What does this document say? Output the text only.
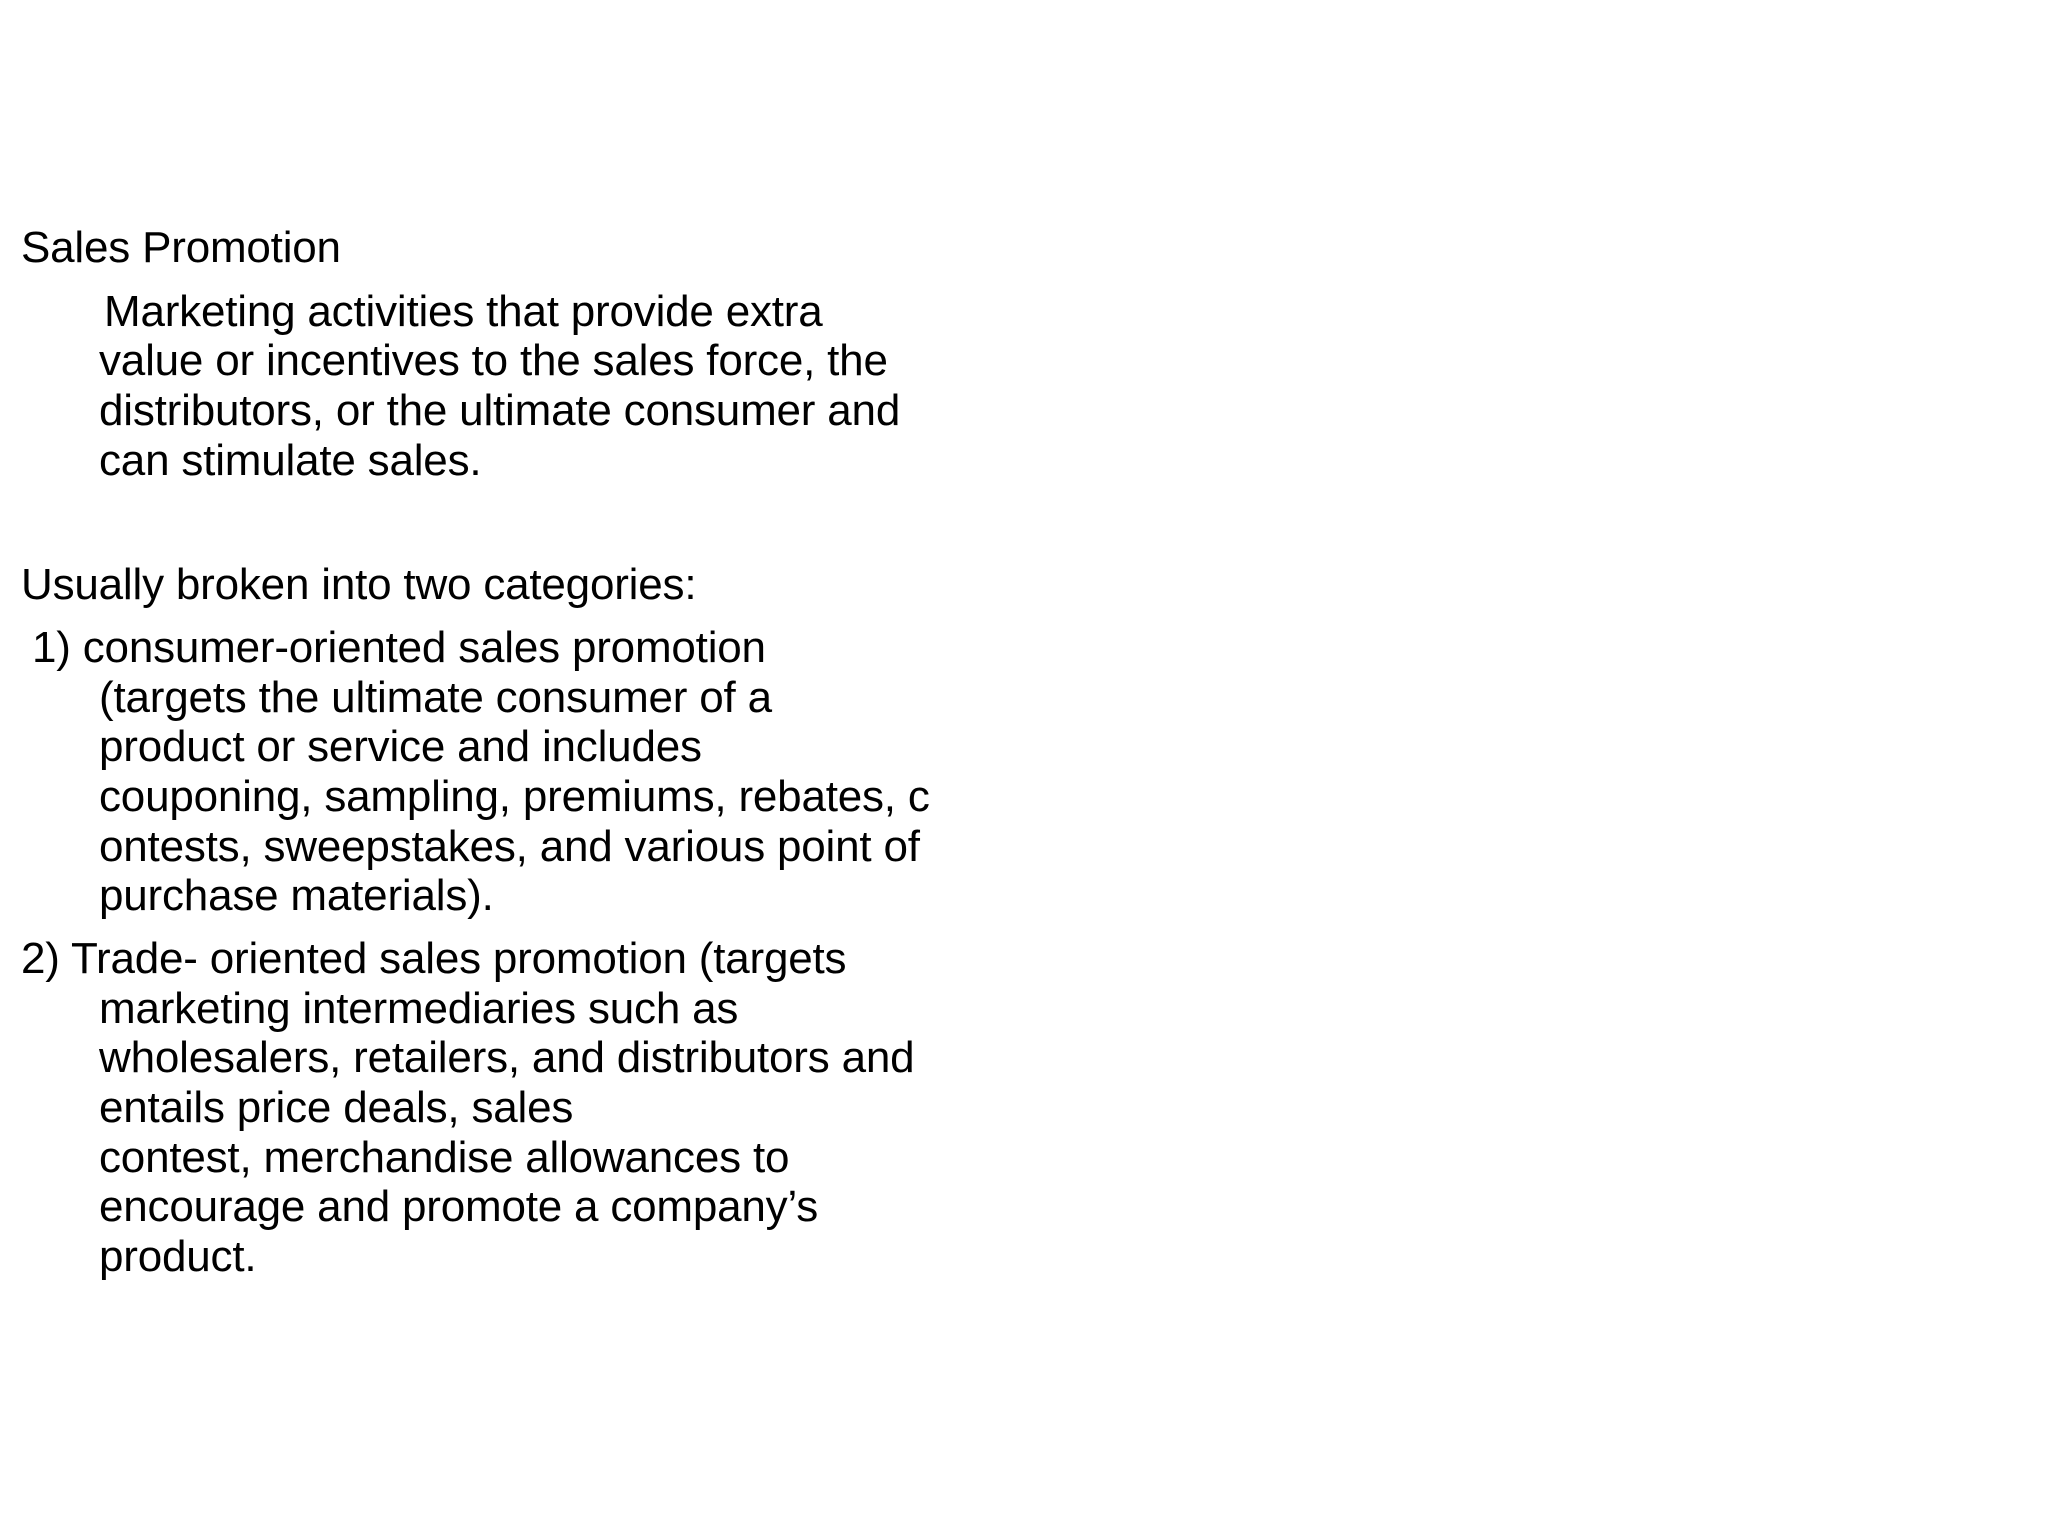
Sales Promotion
Marketing activities that provide extra
value or incentives to the sales force, the
distributors, or the ultimate consumer and
can stimulate sales.
Usually broken into two categories:
1) consumer-oriented sales promotion
(targets the ultimate consumer of a
product or service and includes
couponing, sampling, premiums, rebates, c
ontests, sweepstakes, and various point of
purchase materials).
2) Trade- oriented sales promotion (targets
marketing intermediaries such as
wholesalers, retailers, and distributors and
entails price deals, sales
contest, merchandise allowances to
encourage and promote a company’s
product.
